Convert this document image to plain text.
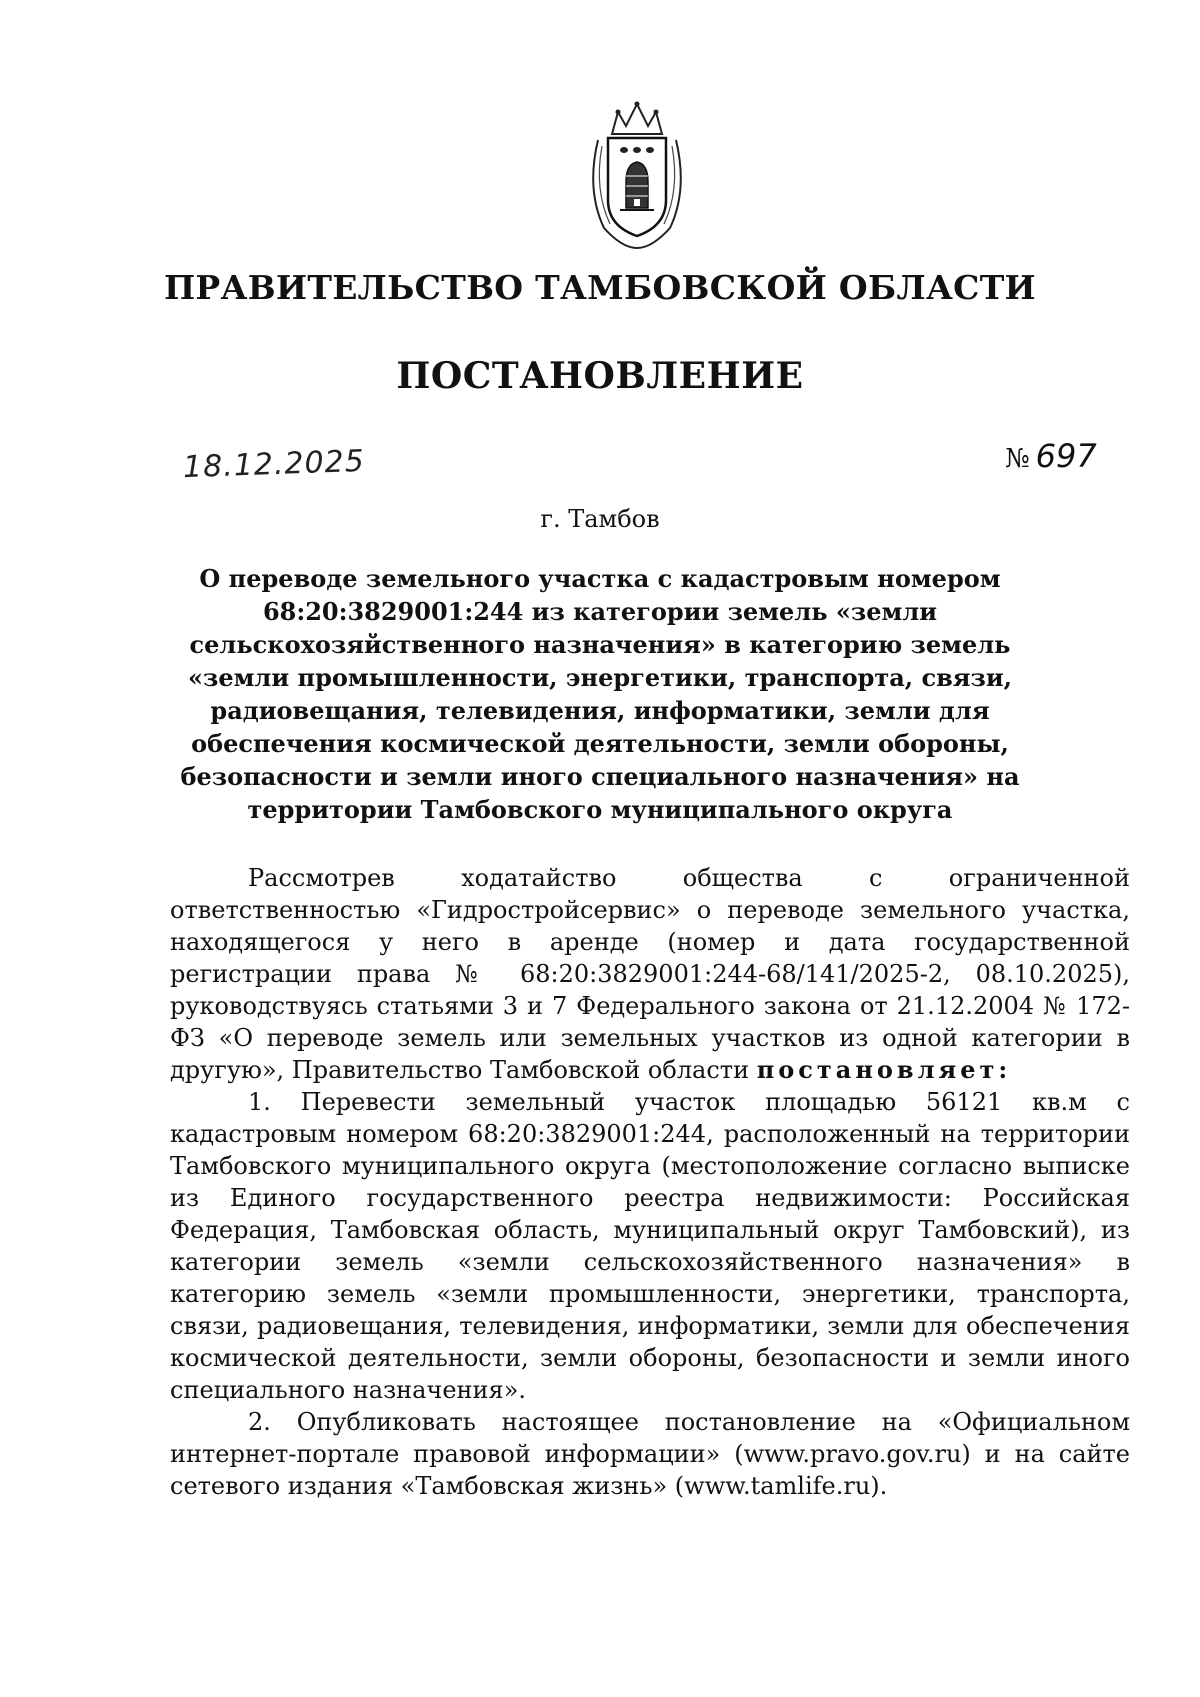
ПРАВИТЕЛЬСТВО ТАМБОВСКОЙ ОБЛАСТИ
ПОСТАНОВЛЕНИЕ
18.12.2025	№ 697
г. Тамбов
О переводе земельного участка с кадастровым номером 68:20:3829001:244 из категории земель «земли сельскохозяйственного назначения» в категорию земель «земли промышленности, энергетики, транспорта, связи, радиовещания, телевидения, информатики, земли для обеспечения космической деятельности, земли обороны, безопасности и земли иного специального назначения» на территории Тамбовского муниципального округа

Рассмотрев ходатайство общества с ограниченной ответственностью «Гидростройсервис» о переводе земельного участка, находящегося у него в аренде (номер и дата государственной регистрации права № 68:20:3829001:244-68/141/2025-2, 08.10.2025), руководствуясь статьями 3 и 7 Федерального закона от 21.12.2004 № 172-ФЗ «О переводе земель или земельных участков из одной категории в другую», Правительство Тамбовской области постановляет:

1. Перевести земельный участок площадью 56121 кв.м с кадастровым номером 68:20:3829001:244, расположенный на территории Тамбовского муниципального округа (местоположение согласно выписке из Единого государственного реестра недвижимости: Российская Федерация, Тамбовская область, муниципальный округ Тамбовский), из категории земель «земли сельскохозяйственного назначения» в категорию земель «земли промышленности, энергетики, транспорта, связи, радиовещания, телевидения, информатики, земли для обеспечения космической деятельности, земли обороны, безопасности и земли иного специального назначения».

2. Опубликовать настоящее постановление на «Официальном интернет-портале правовой информации» (www.pravo.gov.ru) и на сайте сетевого издания «Тамбовская жизнь» (www.tamlife.ru).
